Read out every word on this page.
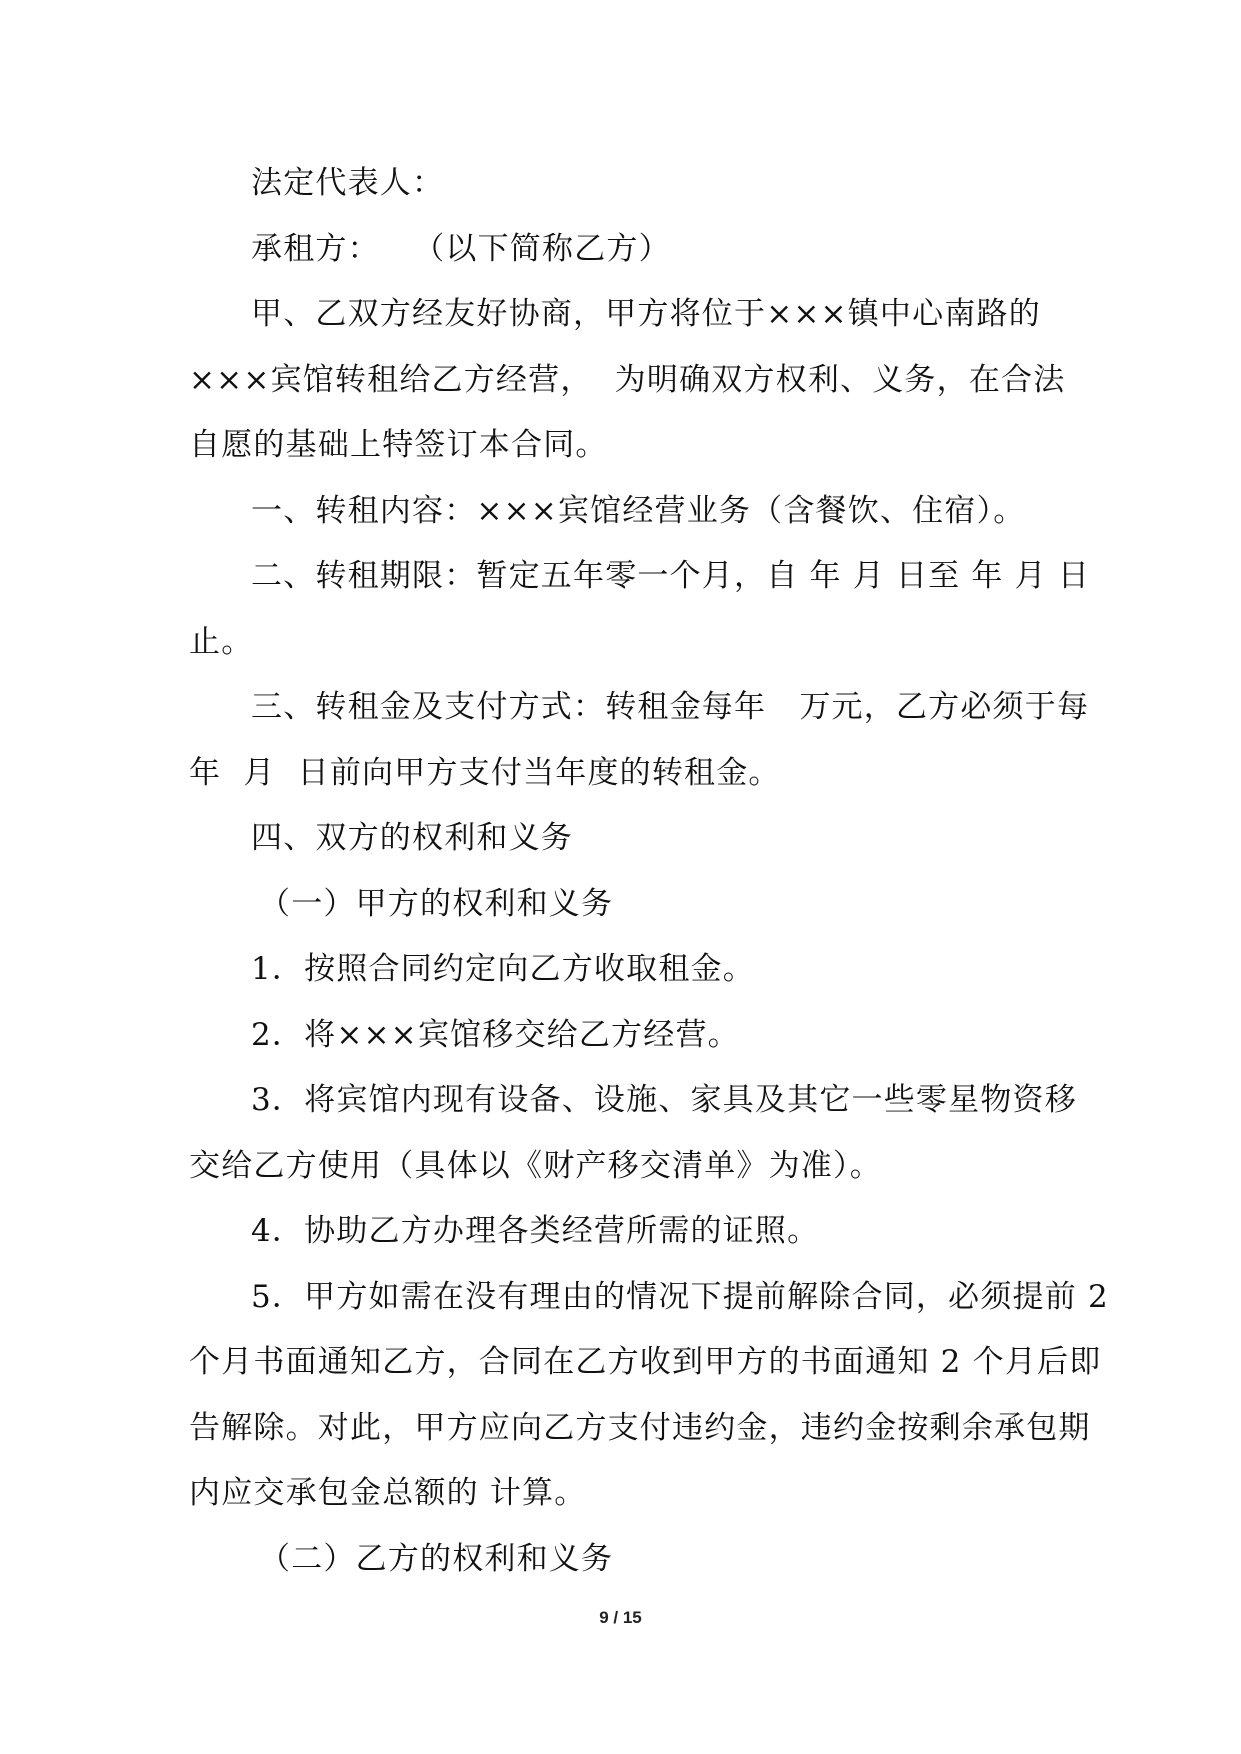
法定代表人：
承租方：　　（以下简称乙方）
甲、乙双方经友好协商，甲方将位于×××镇中心南路的
×××宾馆转租给乙方经营，  为明确双方权利、义务，在合法
自愿的基础上特签订本合同。
一、转租内容：×××宾馆经营业务（含餐饮、住宿）。
二、转租期限：暂定五年零一个月，自 年 月 日至 年 月 日
止。
三、转租金及支付方式：转租金每年   万元，乙方必须于每
年  月  日前向甲方支付当年度的转租金。
四、双方的权利和义务
（一）甲方的权利和义务
1．按照合同约定向乙方收取租金。
2．将×××宾馆移交给乙方经营。
3．将宾馆内现有设备、设施、家具及其它一些零星物资移
交给乙方使用（具体以《财产移交清单》为准）。
4．协助乙方办理各类经营所需的证照。
5．甲方如需在没有理由的情况下提前解除合同，必须提前 2
个月书面通知乙方，合同在乙方收到甲方的书面通知 2 个月后即
告解除。对此，甲方应向乙方支付违约金，违约金按剩余承包期
内应交承包金总额的 计算。
（二）乙方的权利和义务
9 / 15
